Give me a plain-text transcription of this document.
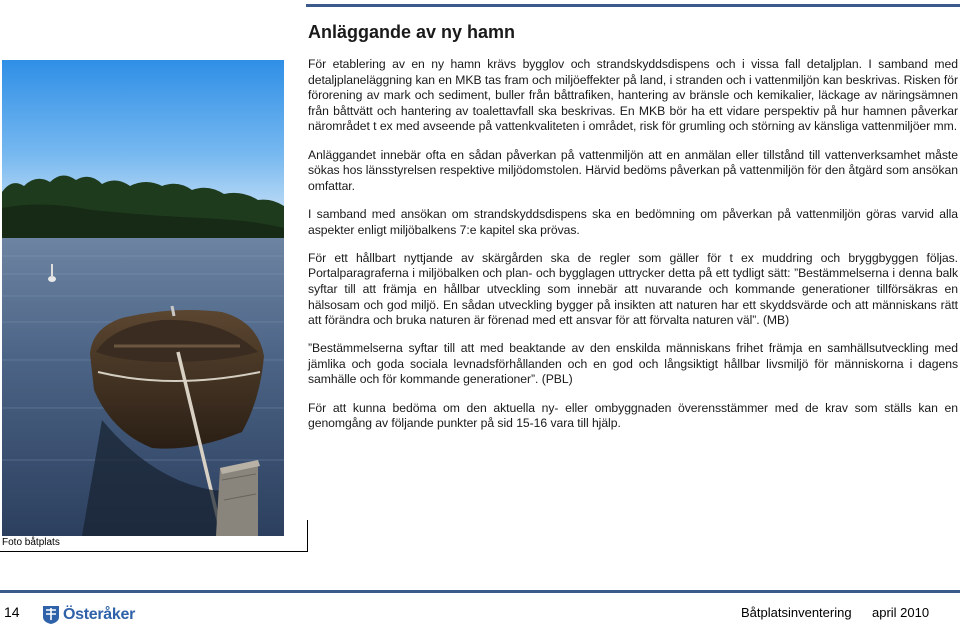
Foto båtplats
Anläggande av ny hamn

För etablering av en ny hamn krävs bygglov och strandskyddsdispens och i vissa fall detaljplan. I samband med detaljplaneläggning kan en MKB tas fram och miljöeffekter på land, i stranden och i vattenmiljön kan beskrivas. Risken för förorening av mark och sediment, buller från båttrafiken, hantering av bränsle och kemikalier, läckage av näringsämnen från båttvätt och hantering av toalettavfall ska beskrivas. En MKB bör ha ett vidare perspektiv på hur hamnen påverkar närområdet t ex med avseende på vattenkvaliteten i området, risk för grumling och störning av känsliga vattenmiljöer mm.

Anläggandet innebär ofta en sådan påverkan på vattenmiljön att en anmälan eller tillstånd till vattenverksamhet måste sökas hos länsstyrelsen respektive miljödomstolen. Härvid bedöms påverkan på vattenmiljön för den åtgärd som ansökan omfattar.

I samband med ansökan om strandskyddsdispens ska en bedömning om påverkan på vattenmiljön göras varvid alla aspekter enligt miljöbalkens 7:e kapitel ska prövas.

För ett hållbart nyttjande av skärgården ska de regler som gäller för t ex muddring och bryggbyggen följas. Portalparagraferna i miljöbalken och plan- och bygglagen uttrycker detta på ett tydligt sätt: ”Bestämmelserna i denna balk syftar till att främja en hållbar utveckling som innebär att nuvarande och kommande generationer tillförsäkras en hälsosam och god miljö. En sådan utveckling bygger på insikten att naturen har ett skyddsvärde och att människans rätt att förändra och bruka naturen är förenad med ett ansvar för att förvalta naturen väl”. (MB)

”Bestämmelserna syftar till att med beaktande av den enskilda människans frihet främja en samhällsutveckling med jämlika och goda sociala levnadsförhållanden och en god och långsiktigt hållbar livsmiljö för människorna i dagens samhälle och för kommande generationer”. (PBL)

För att kunna bedöma om den aktuella ny- eller ombyggnaden överensstämmer med de krav som ställs kan en genomgång av följande punkter på sid 15-16 vara till hjälp.

14	Österåker	Båtplatsinventering april 2010
